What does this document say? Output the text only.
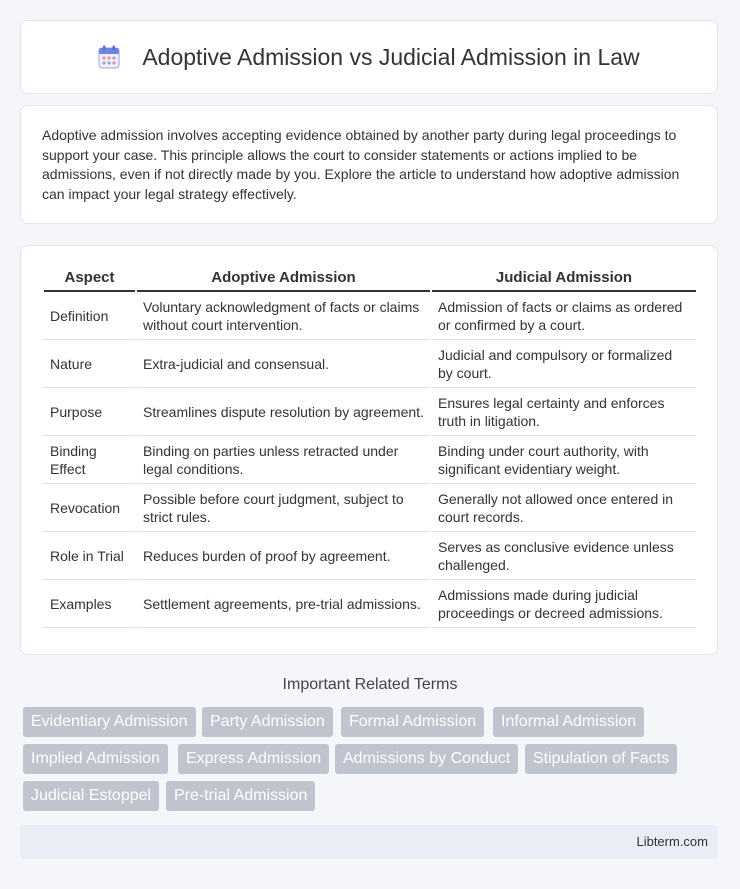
Adoptive Admission vs Judicial Admission in Law
Adoptive admission involves accepting evidence obtained by another party during legal proceedings to support your case. This principle allows the court to consider statements or actions implied to be admissions, even if not directly made by you. Explore the article to understand how adoptive admission can impact your legal strategy effectively.
Aspect	Adoptive Admission	Judicial Admission
Definition	Voluntary acknowledgment of facts or claims without court intervention.	Admission of facts or claims as ordered or confirmed by a court.
Nature	Extra-judicial and consensual.	Judicial and compulsory or formalized by court.
Purpose	Streamlines dispute resolution by agreement.	Ensures legal certainty and enforces truth in litigation.
Binding Effect	Binding on parties unless retracted under legal conditions.	Binding under court authority, with significant evidentiary weight.
Revocation	Possible before court judgment, subject to strict rules.	Generally not allowed once entered in court records.
Role in Trial	Reduces burden of proof by agreement.	Serves as conclusive evidence unless challenged.
Examples	Settlement agreements, pre-trial admissions.	Admissions made during judicial proceedings or decreed admissions.
Important Related Terms
Evidentiary Admission	Party Admission	Formal Admission	Informal Admission
Implied Admission	Express Admission	Admissions by Conduct	Stipulation of Facts
Judicial Estoppel	Pre-trial Admission
Libterm.com
